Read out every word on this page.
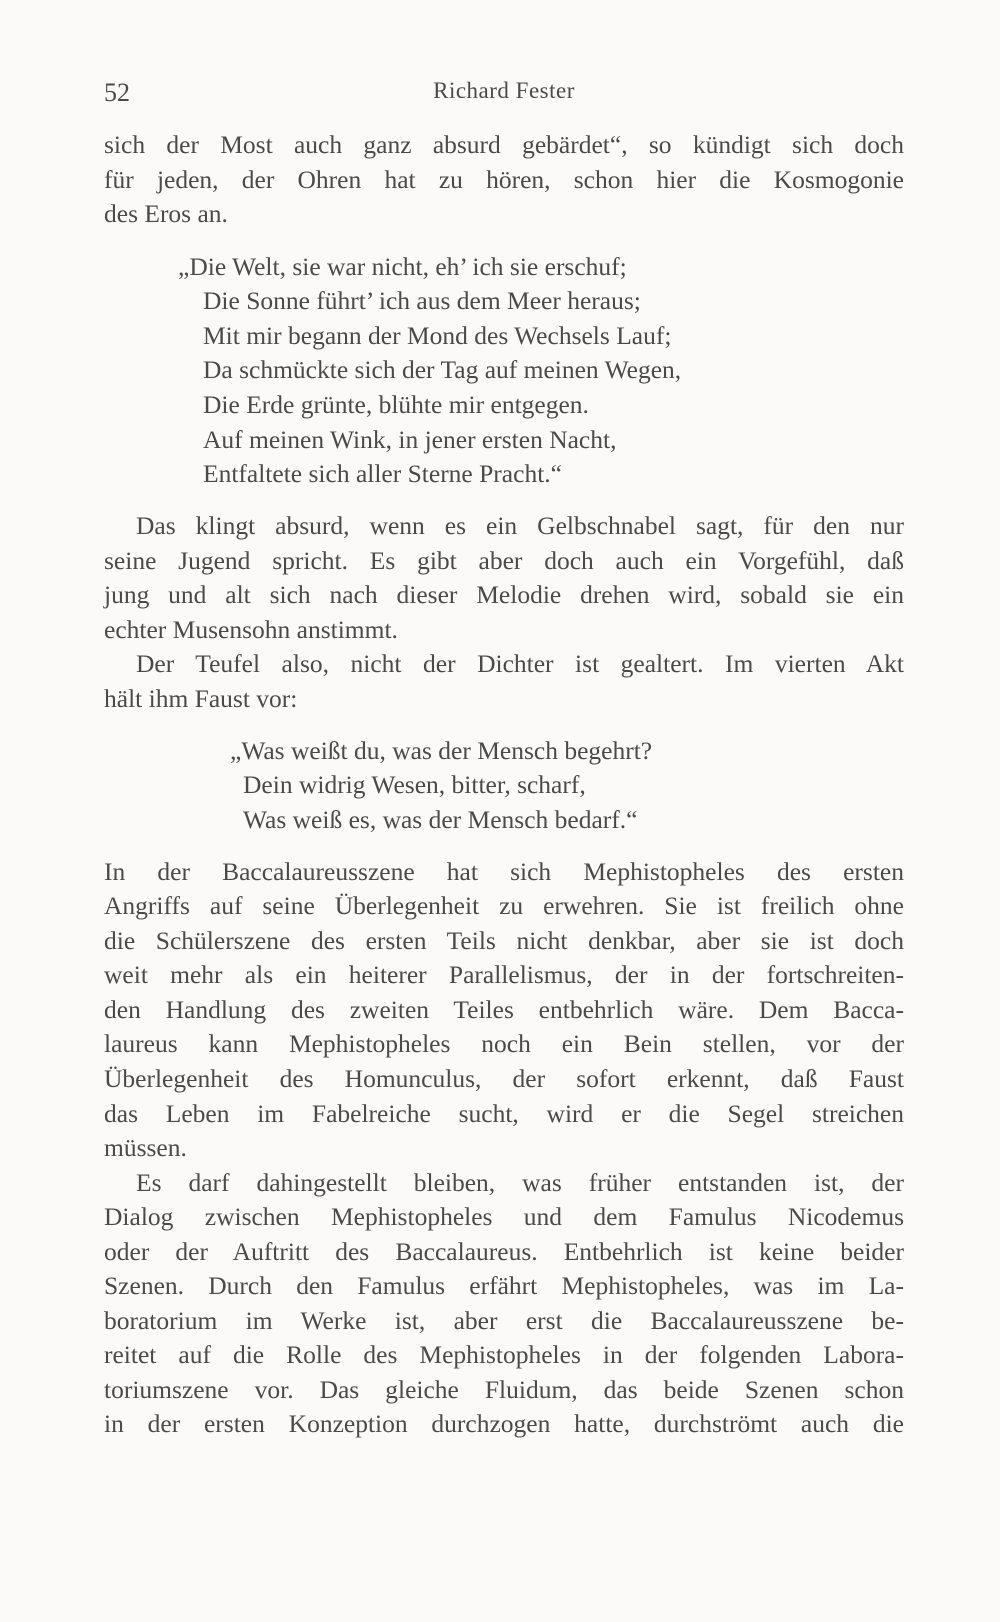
52	Richard Fester
sich der Most auch ganz absurd gebärdet“, so kündigt sich doch
für jeden, der Ohren hat zu hören, schon hier die Kosmogonie
des Eros an.
„Die Welt, sie war nicht, eh’ ich sie erschuf;
Die Sonne führt’ ich aus dem Meer heraus;
Mit mir begann der Mond des Wechsels Lauf;
Da schmückte sich der Tag auf meinen Wegen,
Die Erde grünte, blühte mir entgegen.
Auf meinen Wink, in jener ersten Nacht,
Entfaltete sich aller Sterne Pracht.“
Das klingt absurd, wenn es ein Gelbschnabel sagt, für den nur
seine Jugend spricht. Es gibt aber doch auch ein Vorgefühl, daß
jung und alt sich nach dieser Melodie drehen wird, sobald sie ein
echter Musensohn anstimmt.
Der Teufel also, nicht der Dichter ist gealtert. Im vierten Akt
hält ihm Faust vor:
„Was weißt du, was der Mensch begehrt?
Dein widrig Wesen, bitter, scharf,
Was weiß es, was der Mensch bedarf.“
In der Baccalaureusszene hat sich Mephistopheles des ersten
Angriffs auf seine Überlegenheit zu erwehren. Sie ist freilich ohne
die Schülerszene des ersten Teils nicht denkbar, aber sie ist doch
weit mehr als ein heiterer Parallelismus, der in der fortschreiten-
den Handlung des zweiten Teiles entbehrlich wäre. Dem Bacca-
laureus kann Mephistopheles noch ein Bein stellen, vor der
Überlegenheit des Homunculus, der sofort erkennt, daß Faust
das Leben im Fabelreiche sucht, wird er die Segel streichen
müssen.
Es darf dahingestellt bleiben, was früher entstanden ist, der
Dialog zwischen Mephistopheles und dem Famulus Nicodemus
oder der Auftritt des Baccalaureus. Entbehrlich ist keine beider
Szenen. Durch den Famulus erfährt Mephistopheles, was im La-
boratorium im Werke ist, aber erst die Baccalaureusszene be-
reitet auf die Rolle des Mephistopheles in der folgenden Labora-
toriumszene vor. Das gleiche Fluidum, das beide Szenen schon
in der ersten Konzeption durchzogen hatte, durchströmt auch die
